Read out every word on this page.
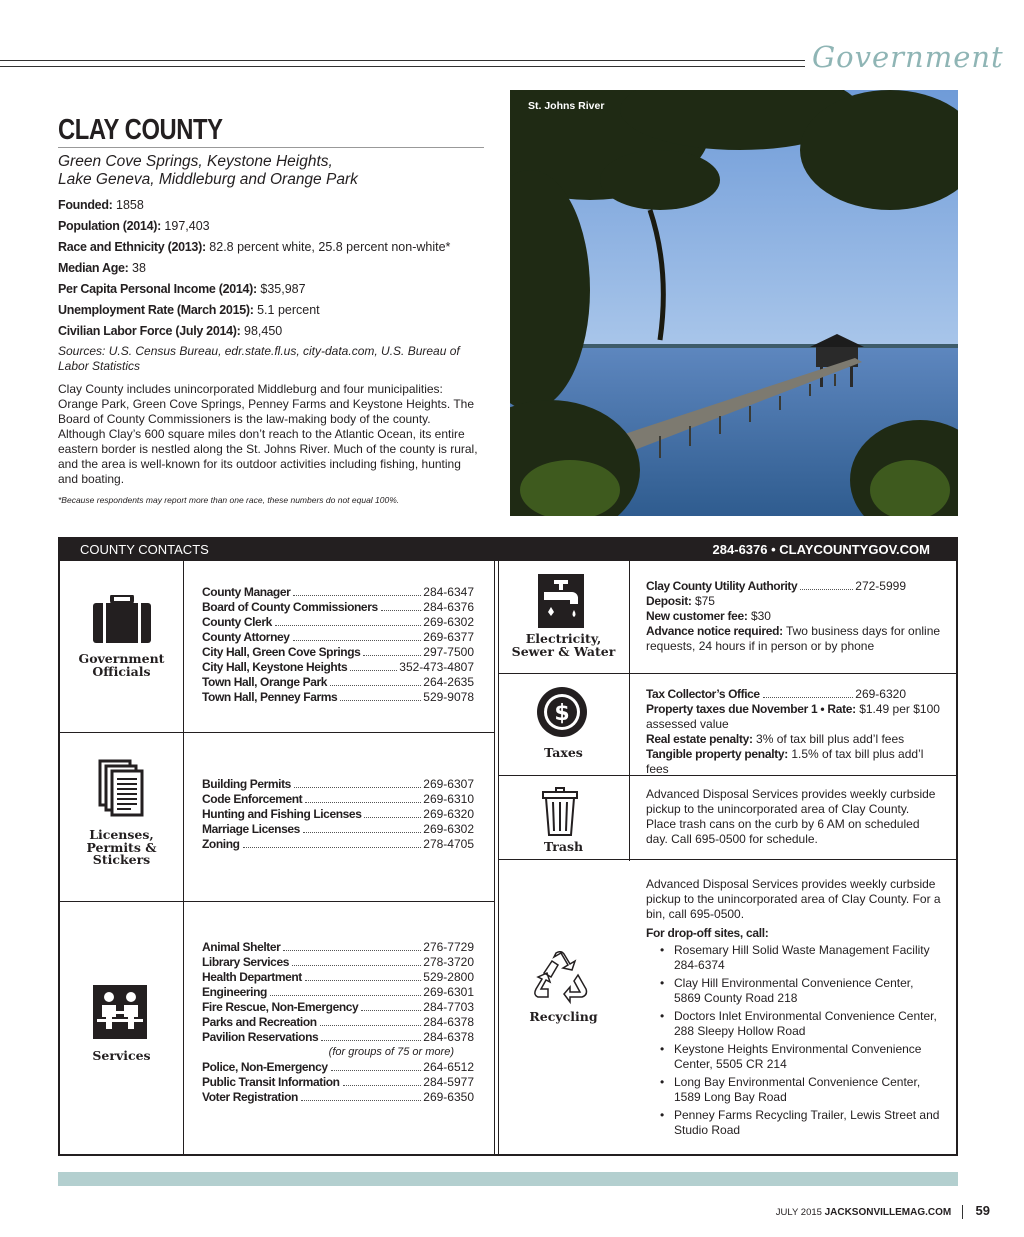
Government
CLAY COUNTY
Green Cove Springs, Keystone Heights,
Lake Geneva, Middleburg and Orange Park
Founded: 1858
Population (2014): 197,403
Race and Ethnicity (2013): 82.8 percent white, 25.8 percent non-white*
Median Age: 38
Per Capita Personal Income (2014): $35,987
Unemployment Rate (March 2015): 5.1 percent
Civilian Labor Force (July 2014): 98,450
Sources: U.S. Census Bureau, edr.state.fl.us, city-data.com, U.S. Bureau of Labor Statistics
Clay County includes unincorporated Middleburg and four municipalities: Orange Park, Green Cove Springs, Penney Farms and Keystone Heights. The Board of County Commissioners is the law-making body of the county. Although Clay’s 600 square miles don’t reach to the Atlantic Ocean, its entire eastern border is nestled along the St. Johns River. Much of the county is rural, and the area is well-known for its outdoor activities including fishing, hunting and boating.
*Because respondents may report more than one race, these numbers do not equal 100%.
St. Johns River
COUNTY CONTACTS	284-6376 • CLAYCOUNTYGOV.COM
Government
Officials
County Manager	284-6347
Board of County Commissioners	284-6376
County Clerk	269-6302
County Attorney	269-6377
City Hall, Green Cove Springs	297-7500
City Hall, Keystone Heights	352-473-4807
Town Hall, Orange Park	264-2635
Town Hall, Penney Farms	529-9078
Licenses,
Permits &
Stickers
Building Permits	269-6307
Code Enforcement	269-6310
Hunting and Fishing Licenses	269-6320
Marriage Licenses	269-6302
Zoning	278-4705
Services
Animal Shelter	276-7729
Library Services	278-3720
Health Department	529-2800
Engineering	269-6301
Fire Rescue, Non-Emergency	284-7703
Parks and Recreation	284-6378
Pavilion Reservations	284-6378
(for groups of 75 or more)
Police, Non-Emergency	264-6512
Public Transit Information	284-5977
Voter Registration	269-6350
Electricity,
Sewer & Water
Clay County Utility Authority	272-5999
Deposit: $75
New customer fee: $30
Advance notice required: Two business days for online requests, 24 hours if in person or by phone
$
Taxes
Tax Collector’s Office	269-6320
Property taxes due November 1 • Rate: $1.49 per $100 assessed value
Real estate penalty: 3% of tax bill plus add’l fees
Tangible property penalty: 1.5% of tax bill plus add’l fees
Trash
Advanced Disposal Services provides weekly curbside pickup to the unincorporated area of Clay County. Place trash cans on the curb by 6 AM on scheduled day. Call 695-0500 for schedule.
Recycling
Advanced Disposal Services provides weekly curbside pickup to the unincorporated area of Clay County. For a bin, call 695-0500.
For drop-off sites, call:
• Rosemary Hill Solid Waste Management Facility 284-6374
• Clay Hill Environmental Convenience Center, 5869 County Road 218
• Doctors Inlet Environmental Convenience Center, 288 Sleepy Hollow Road
• Keystone Heights Environmental Convenience Center, 5505 CR 214
• Long Bay Environmental Convenience Center, 1589 Long Bay Road
• Penney Farms Recycling Trailer, Lewis Street and Studio Road
JULY 2015 JACKSONVILLEMAG.COM 59
